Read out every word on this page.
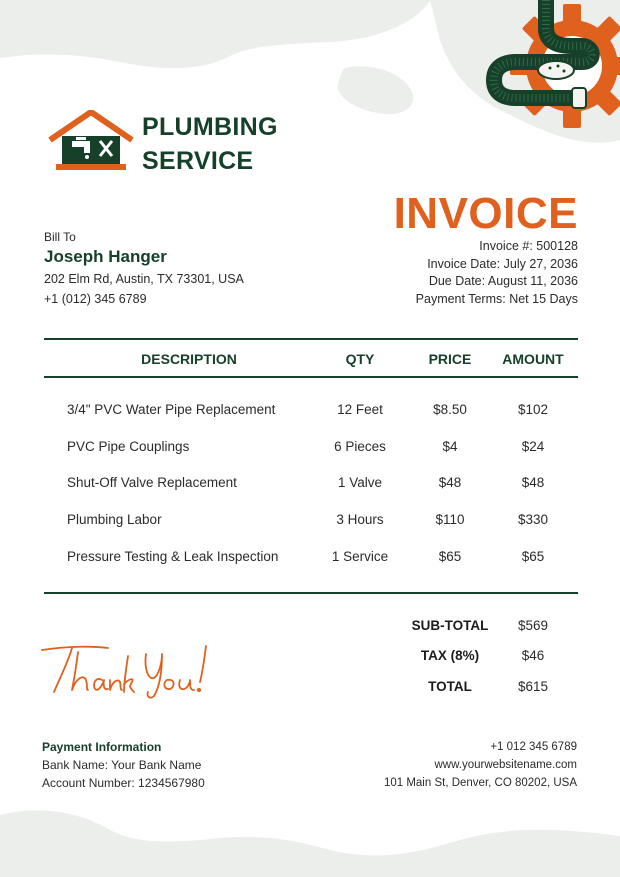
PLUMBING
SERVICE
INVOICE
Invoice #: 500128
Invoice Date: July 27, 2036
Due Date: August 11, 2036
Payment Terms: Net 15 Days
Bill To
Joseph Hanger
202 Elm Rd, Austin, TX 73301, USA
+1 (012) 345 6789
DESCRIPTION	QTY	PRICE	AMOUNT
3/4" PVC Water Pipe Replacement	12 Feet	$8.50	$102
PVC Pipe Couplings	6 Pieces	$4	$24
Shut-Off Valve Replacement	1 Valve	$48	$48
Plumbing Labor	3 Hours	$110	$330
Pressure Testing & Leak Inspection	1 Service	$65	$65
SUB-TOTAL	$569
TAX (8%)	$46
TOTAL	$615
Payment Information
Bank Name: Your Bank Name
Account Number: 1234567980
+1 012 345 6789
www.yourwebsitename.com
101 Main St, Denver, CO 80202, USA
